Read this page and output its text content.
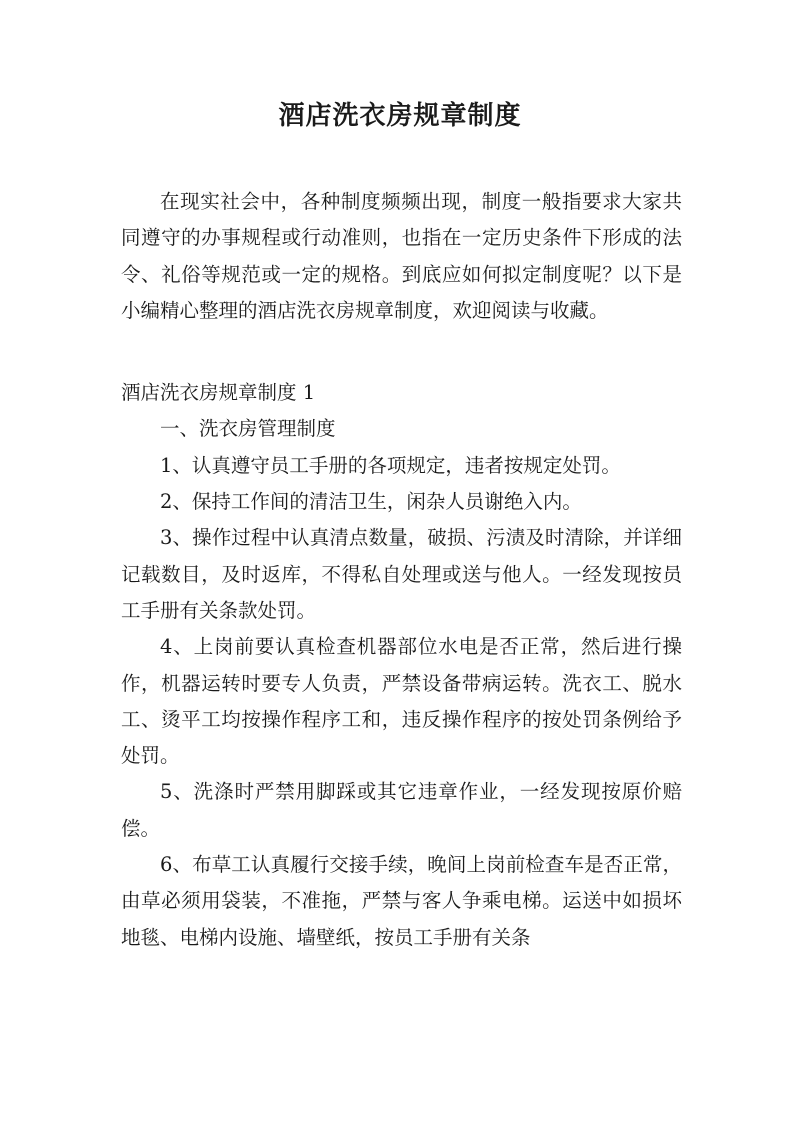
酒店洗衣房规章制度

在现实社会中，各种制度频频出现，制度一般指要求大家共同遵守的办事规程或行动准则，也指在一定历史条件下形成的法令、礼俗等规范或一定的规格。到底应如何拟定制度呢？以下是小编精心整理的酒店洗衣房规章制度，欢迎阅读与收藏。

酒店洗衣房规章制度 1

一、洗衣房管理制度

1、认真遵守员工手册的各项规定，违者按规定处罚。

2、保持工作间的清洁卫生，闲杂人员谢绝入内。

3、操作过程中认真清点数量，破损、污渍及时清除，并详细记载数目，及时返库，不得私自处理或送与他人。一经发现按员工手册有关条款处罚。

4、上岗前要认真检查机器部位水电是否正常，然后进行操作，机器运转时要专人负责，严禁设备带病运转。洗衣工、脱水工、烫平工均按操作程序工和，违反操作程序的按处罚条例给予处罚。

5、洗涤时严禁用脚踩或其它违章作业，一经发现按原价赔偿。

6、布草工认真履行交接手续，晚间上岗前检查车是否正常，由草必须用袋装，不准拖，严禁与客人争乘电梯。运送中如损坏地毯、电梯内设施、墙壁纸，按员工手册有关条
